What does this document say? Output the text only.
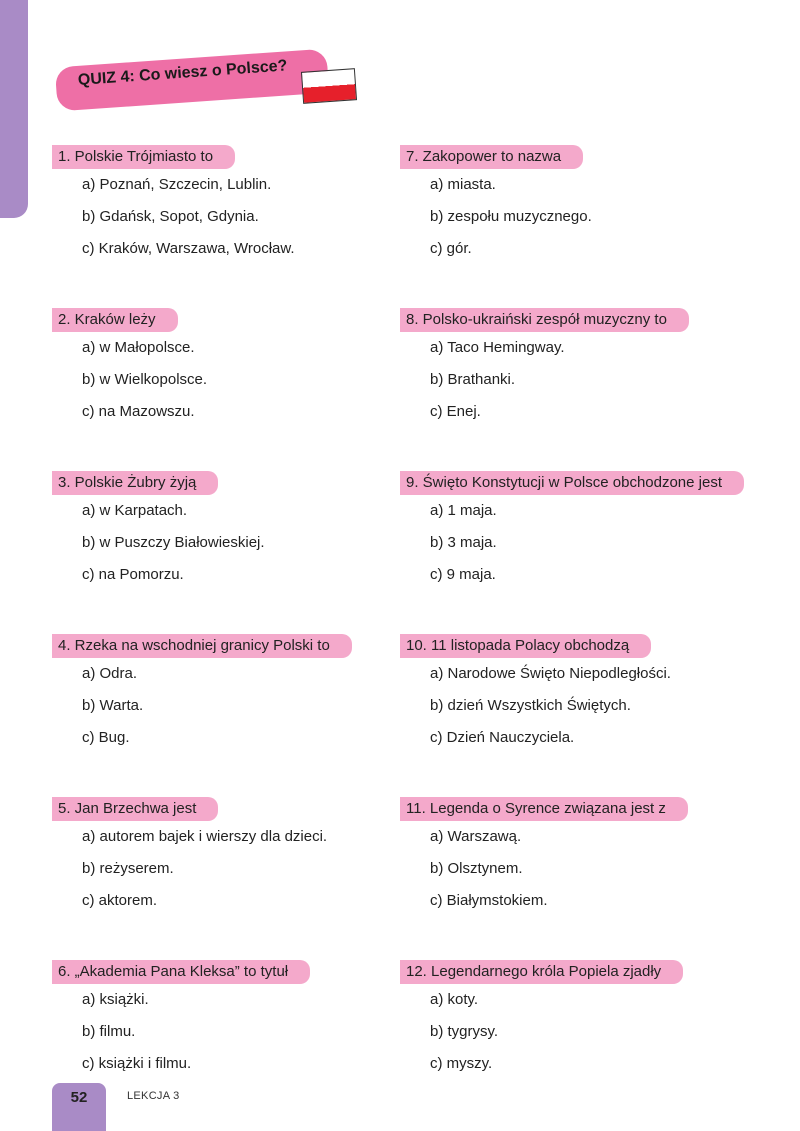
QUIZ 4: Co wiesz o Polsce?
1. Polskie Trójmiasto to
a) Poznań, Szczecin, Lublin.
b) Gdańsk, Sopot, Gdynia.
c) Kraków, Warszawa, Wrocław.
2. Kraków leży
a) w Małopolsce.
b) w Wielkopolsce.
c) na Mazowszu.
3. Polskie Żubry żyją
a) w Karpatach.
b) w Puszczy Białowieskiej.
c) na Pomorzu.
4. Rzeka na wschodniej granicy Polski to
a) Odra.
b) Warta.
c) Bug.
5. Jan Brzechwa jest
a) autorem bajek i wierszy dla dzieci.
b) reżyserem.
c) aktorem.
6. „Akademia Pana Kleksa” to tytuł
a) książki.
b) filmu.
c) książki i filmu.
7. Zakopower to nazwa
a) miasta.
b) zespołu muzycznego.
c) gór.
8. Polsko-ukraiński zespół muzyczny to
a) Taco Hemingway.
b) Brathanki.
c) Enej.
9. Święto Konstytucji w Polsce obchodzone jest
a) 1 maja.
b) 3 maja.
c) 9 maja.
10. 11 listopada Polacy obchodzą
a) Narodowe Święto Niepodległości.
b) dzień Wszystkich Świętych.
c) Dzień Nauczyciela.
11. Legenda o Syrence związana jest z
a) Warszawą.
b) Olsztynem.
c) Białymstokiem.
12. Legendarnego króla Popiela zjadły
a) koty.
b) tygrysy.
c) myszy.
52	LEKCJA 3
